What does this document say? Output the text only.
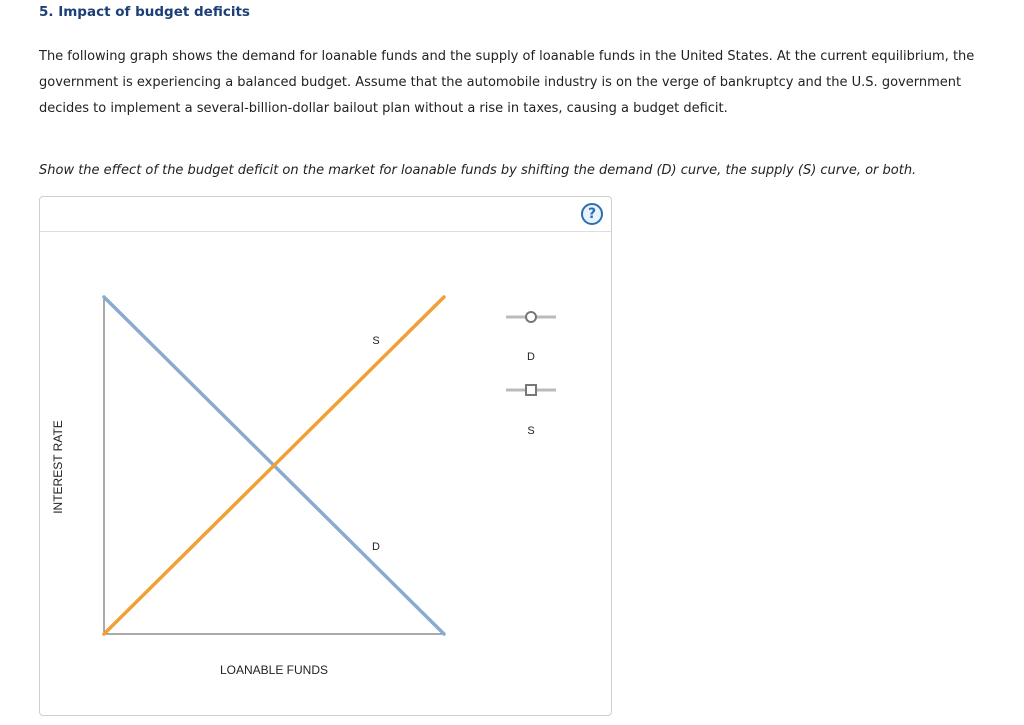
5. Impact of budget deficits
The following graph shows the demand for loanable funds and the supply of loanable funds in the United States. At the current equilibrium, the government is experiencing a balanced budget. Assume that the automobile industry is on the verge of bankruptcy and the U.S. government decides to implement a several-billion-dollar bailout plan without a rise in taxes, causing a budget deficit.
Show the effect of the budget deficit on the market for loanable funds by shifting the demand (D) curve, the supply (S) curve, or both.
?
LOANABLE FUNDS
INTEREST RATE
D
S
D
S
